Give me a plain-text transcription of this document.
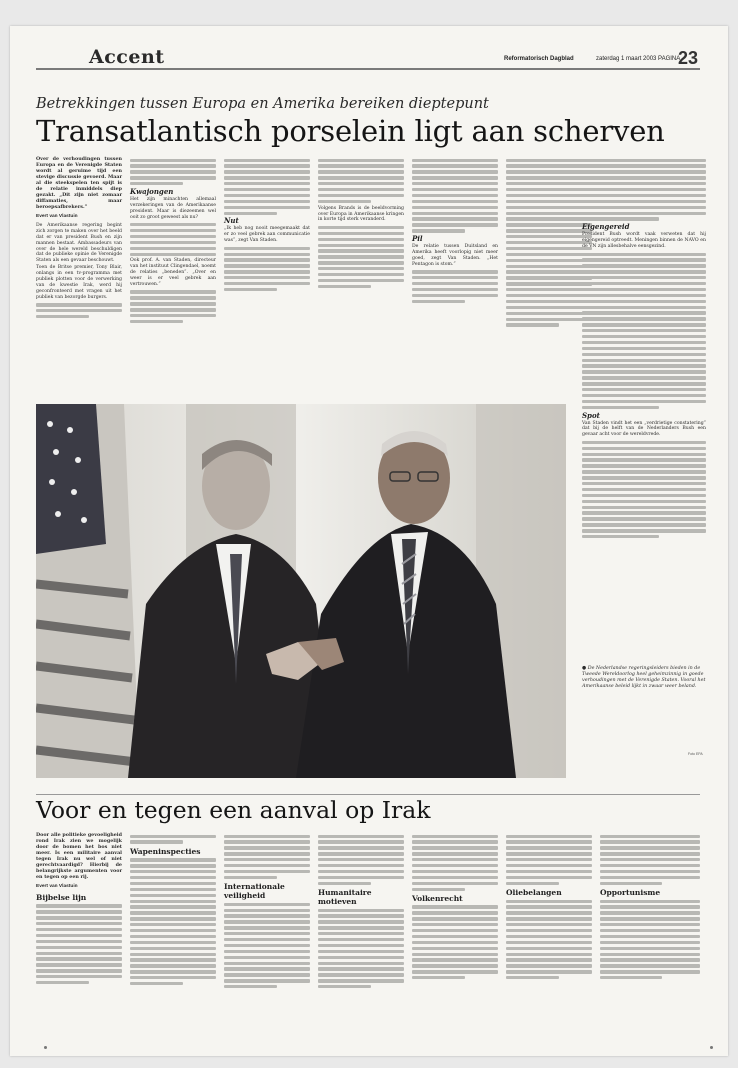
Accent	Reformatorisch Dagblad	zaterdag 1 maart 2003 PAGINA
23
Betrekkingen tussen Europa en Amerika bereiken dieptepunt
Transatlantisch porselein ligt aan scherven

Over de verhoudingen tussen Europa en de Verenigde Staten wordt al geruime tijd een stevige discussie gevoerd. Maar al die steekspelen ten spijt is de relatie inmiddels diep gezakt. „Dit zijn niet zomaar diffamaties, maar beroepsafbrekers.”

Evert van Vlastuin

De Amerikaanse regering begint zich zorgen te maken over het beeld dat er van president Bush en zijn mannen bestaat. Ambassadeurs van over de hele wereld beschuldigen dat de publieke opinie de Verenigde Staten als een gevaar beschouwt.

Toen de Britse premier, Tony Blair, onlangs in een tv-programma met publiek plotten voor de verwerking van de kwestie Irak, werd hij geconfronteerd met vragen uit het publiek van bezorgde burgers.

Kwajongen

Het zijn minachten allemaal verzekeringen van de Amerikaanse president. Maar is diezeemen wel ooit zo groot geweest als nu?

Ook prof. A. van Staden, directeur van het instituut Clingendael, noemt de relaties „beneden”. „Over en weer is er veel gebrek aan vertrouwen.”

Nut

„Ik heb nog nooit meegemaakt dat er zo veel gebrek aan communicatie was”, zegt Van Staden.

Volgens Brands is de beeldvorming over Europa in Amerikaanse kringen in korte tijd sterk veranderd.

Pil

De relatie tussen Duitsland en Amerika heeft voorlopig niet meer goed, zegt Van Staden. „Het Pentagon is stom.”

Eigengereid

President Bush wordt vaak verweten dat hij eigengereid optreedt. Meningen binnen de NAVO en de VN zijn allesbehalve eensgezind.

Spot

Van Staden vindt het een „verdrietige constatering” dat bij de helft van de Nederlanders Bush een gevaar acht voor de wereldvrede.

● De Nederlandse regeringsleiders bieden in de Tweede Wereldoorlog heel geheimzinnig in goede verhoudingen met de Verenigde Staten. Vooral het Amerikaanse beleid lijkt in zwaar weer beland.
Foto EPA
Voor en tegen een aanval op Irak

Door alle politieke gevoeligheid rond Irak zien we mogelijk door de bomen het bos niet meer. Is een militaire aanval tegen Irak nu wel of niet gerechtvaardigd? Hierbij de belangrijkste argumenten voor en tegen op een rij.

Evert van Vlastuin

Bijbelse lijn
Wapeninspecties
Internationale veiligheid	Humanitaire motieven	Volkenrecht
Oliebelangen	Opportunisme
